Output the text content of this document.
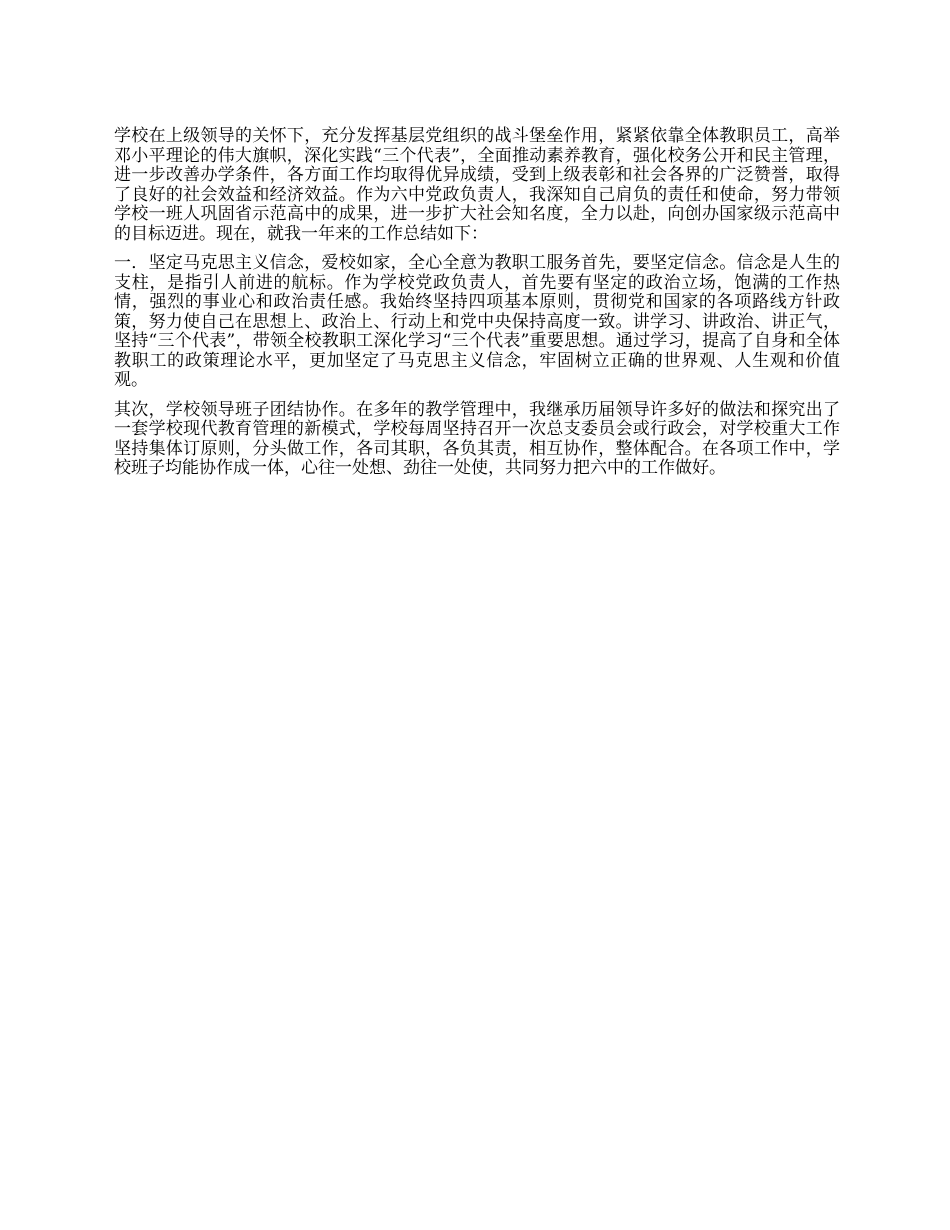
学校在上级领导的关怀下，充分发挥基层党组织的战斗堡垒作用，紧紧依靠全体教职员工，高举邓小平理论的伟大旗帜，深化实践“三个代表”，全面推动素养教育，强化校务公开和民主管理，进一步改善办学条件，各方面工作均取得优异成绩，受到上级表彰和社会各界的广泛赞誉，取得了良好的社会效益和经济效益。作为六中党政负责人，我深知自己肩负的责任和使命，努力带领学校一班人巩固省示范高中的成果，进一步扩大社会知名度，全力以赴，向创办国家级示范高中的目标迈进。现在，就我一年来的工作总结如下：

一．坚定马克思主义信念，爱校如家，全心全意为教职工服务首先，要坚定信念。信念是人生的支柱，是指引人前进的航标。作为学校党政负责人，首先要有坚定的政治立场，饱满的工作热情，强烈的事业心和政治责任感。我始终坚持四项基本原则，贯彻党和国家的各项路线方针政策，努力使自己在思想上、政治上、行动上和党中央保持高度一致。讲学习、讲政治、讲正气，坚持“三个代表”，带领全校教职工深化学习“三个代表”重要思想。通过学习，提高了自身和全体教职工的政策理论水平，更加坚定了马克思主义信念，牢固树立正确的世界观、人生观和价值观。

其次，学校领导班子团结协作。在多年的教学管理中，我继承历届领导许多好的做法和探究出了一套学校现代教育管理的新模式，学校每周坚持召开一次总支委员会或行政会，对学校重大工作坚持集体订原则，分头做工作，各司其职，各负其责，相互协作，整体配合。在各项工作中，学校班子均能协作成一体，心往一处想、劲往一处使，共同努力把六中的工作做好。
